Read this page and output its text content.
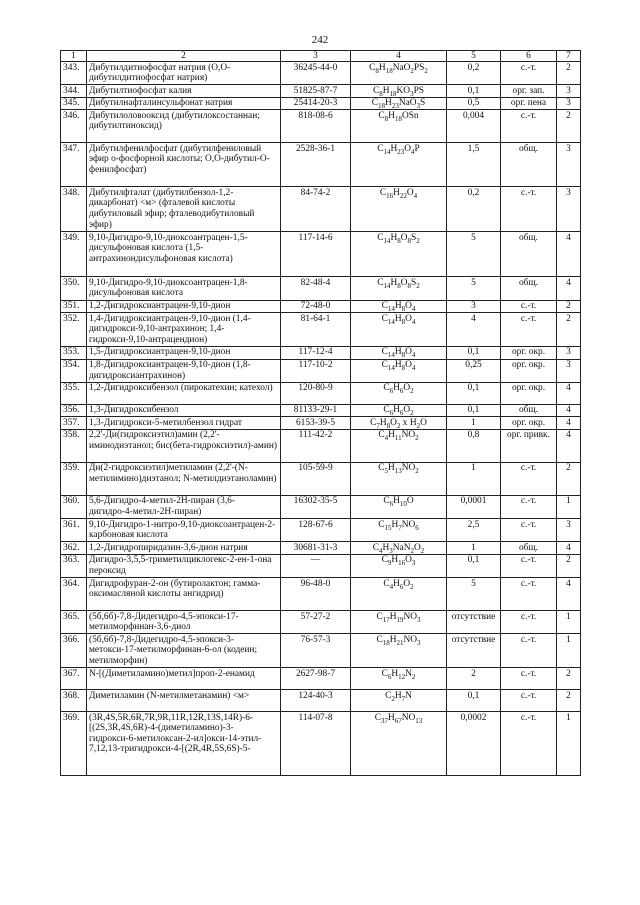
242
1	2	3	4	5	6	7
343.	Дибутилдитиофосфат натрия (O,O-дибутилдитиофосфат натрия)	36245-44-0	$C_8H_{18}NaO_2PS_2$	0,2	с.-т.	2
344.	Дибутилтиофосфат калия	51825-87-7	$C_8H_{18}KO_3PS$	0,1	орг. зап.	3
345.	Дибутилнафталинсульфонат натрия	25414-20-3	$C_{18}H_{23}NaO_3S$	0,5	орг. пена	3
346.	Дибутилоловооксид (дибутилоксостаннан; дибутилтиноксид)	818-08-6	$C_8H_{18}OSn$	0,004	с.-т.	2
347.	Дибутилфенилфосфат (дибутилфениловый эфир о-фосфорной кислоты; O,O-дибутил-O-фенилфосфат)	2528-36-1	$C_{14}H_{23}O_4P$	1,5	общ.	3
348.	Дибутилфталат (дибутилбензол-1,2-дикарбонат) <м> (фталевой кислоты дибутиловый эфир; фталеводибутиловый эфир)	84-74-2	$C_{16}H_{22}O_4$	0,2	с.-т.	3
349.	9,10-Дигидро-9,10-диоксоантрацен-1,5-дисульфоновая кислота (1,5-антрахинондисульфоновая кислота)	117-14-6	$C_{14}H_8O_8S_2$	5	общ.	4
350.	9,10-Дигидро-9,10-диоксоантрацен-1,8-дисульфоновая кислота	82-48-4	$C_{14}H_8O_8S_2$	5	общ.	4
351.	1,2-Дигидроксиантрацен-9,10-дион	72-48-0	$C_{14}H_8O_4$	3	с.-т.	2
352.	1,4-Дигидроксиантрацен-9,10-дион (1,4-дигидрокси-9,10-антрахинон; 1,4-гидрокси-9,10-антрацендион)	81-64-1	$C_{14}H_8O_4$	4	с.-т.	2
353.	1,5-Дигидроксиантрацен-9,10-дион	117-12-4	$C_{14}H_8O_4$	0,1	орг. окр.	3
354.	1,8-Дигидроксиантрацен-9,10-дион (1,8-дигидроксиантрахинон)	117-10-2	$C_{14}H_8O_4$	0,25	орг. окр.	3
355.	1,2-Дигидроксибензол (пирокатехин; катехол)	120-80-9	$C_6H_6O_2$	0,1	орг. окр.	4
356.	1,3-Дигидроксибензол	81133-29-1	$C_6H_6O_2$	0,1	общ.	4
357.	1,3-Дигидрокси-5-метилбензол гидрат	6153-39-5	$C_7H_8O_2$ x $H_2O$	1	орг. окр.	4
358.	2,2'-Ди(гидроксиэтил)амин (2,2'-иминодиэтанол; бис(бета-гидроксиэтил)-амин)	111-42-2	$C_4H_{11}NO_2$	0,8	орг. привк.	4
359.	Ди(2-гидроксиэтил)метиламин (2,2'-(N-метилимино)диэтанол; N-метилдиэтаноламин)	105-59-9	$C_5H_{13}NO_2$	1	с.-т.	2
360.	5,6-Дигидро-4-метил-2H-пиран (3,6-дигидро-4-метил-2H-пиран)	16302-35-5	$C_6H_{10}O$	0,0001	с.-т.	1
361.	9,10-Дигидро-1-нитро-9,10-диоксоантрацен-2-карбоновая кислота	128-67-6	$C_{15}H_7NO_6$	2,5	с.-т.	3
362.	1,2-Дигидропиридазин-3,6-дион натрия	30681-31-3	$C_4H_3NaN_2O_2$	1	общ.	4
363.	Дигидро-3,5,5-триметилциклогекс-2-ен-1-она пероксид	—	$C_9H_{16}O_3$	0,1	с.-т.	2
364.	Дигидрофуран-2-он (бутиролактон; гамма-оксимасляной кислоты ангидрид)	96-48-0	$C_4H_6O_2$	5	с.-т.	4
365.	(5б,6б)-7,8-Дидегидро-4,5-эпокси-17-метилморфинан-3,6-диол	57-27-2	$C_{17}H_{19}NO_3$	отсутствие	с.-т.	1
366.	(5б,6б)-7,8-Дидегидро-4,5-эпокси-3-метокси-17-метилморфинан-6-ол (кодеин; метилморфин)	76-57-3	$C_{18}H_{21}NO_3$	отсутствие	с.-т.	1
367.	N-[(Диметиламино)метил]проп-2-енамид	2627-98-7	$C_6H_{12}N_2$	2	с.-т.	2
368.	Диметиламин (N-метилметанамин) <м>	124-40-3	$C_2H_7N$	0,1	с.-т.	2
369.	(3R,4S,5R,6R,7R,9R,11R,12R,13S,14R)-6-[(2S,3R,4S,6R)-4-(диметиламино)-3-гидрокси-6-метилоксан-2-ил]окси-14-этил- 7,12,13-тригидрокси-4-[(2R,4R,5S,6S)-5-	114-07-8	$C_{37}H_{67}NO_{13}$	0,0002	с.-т.	1
